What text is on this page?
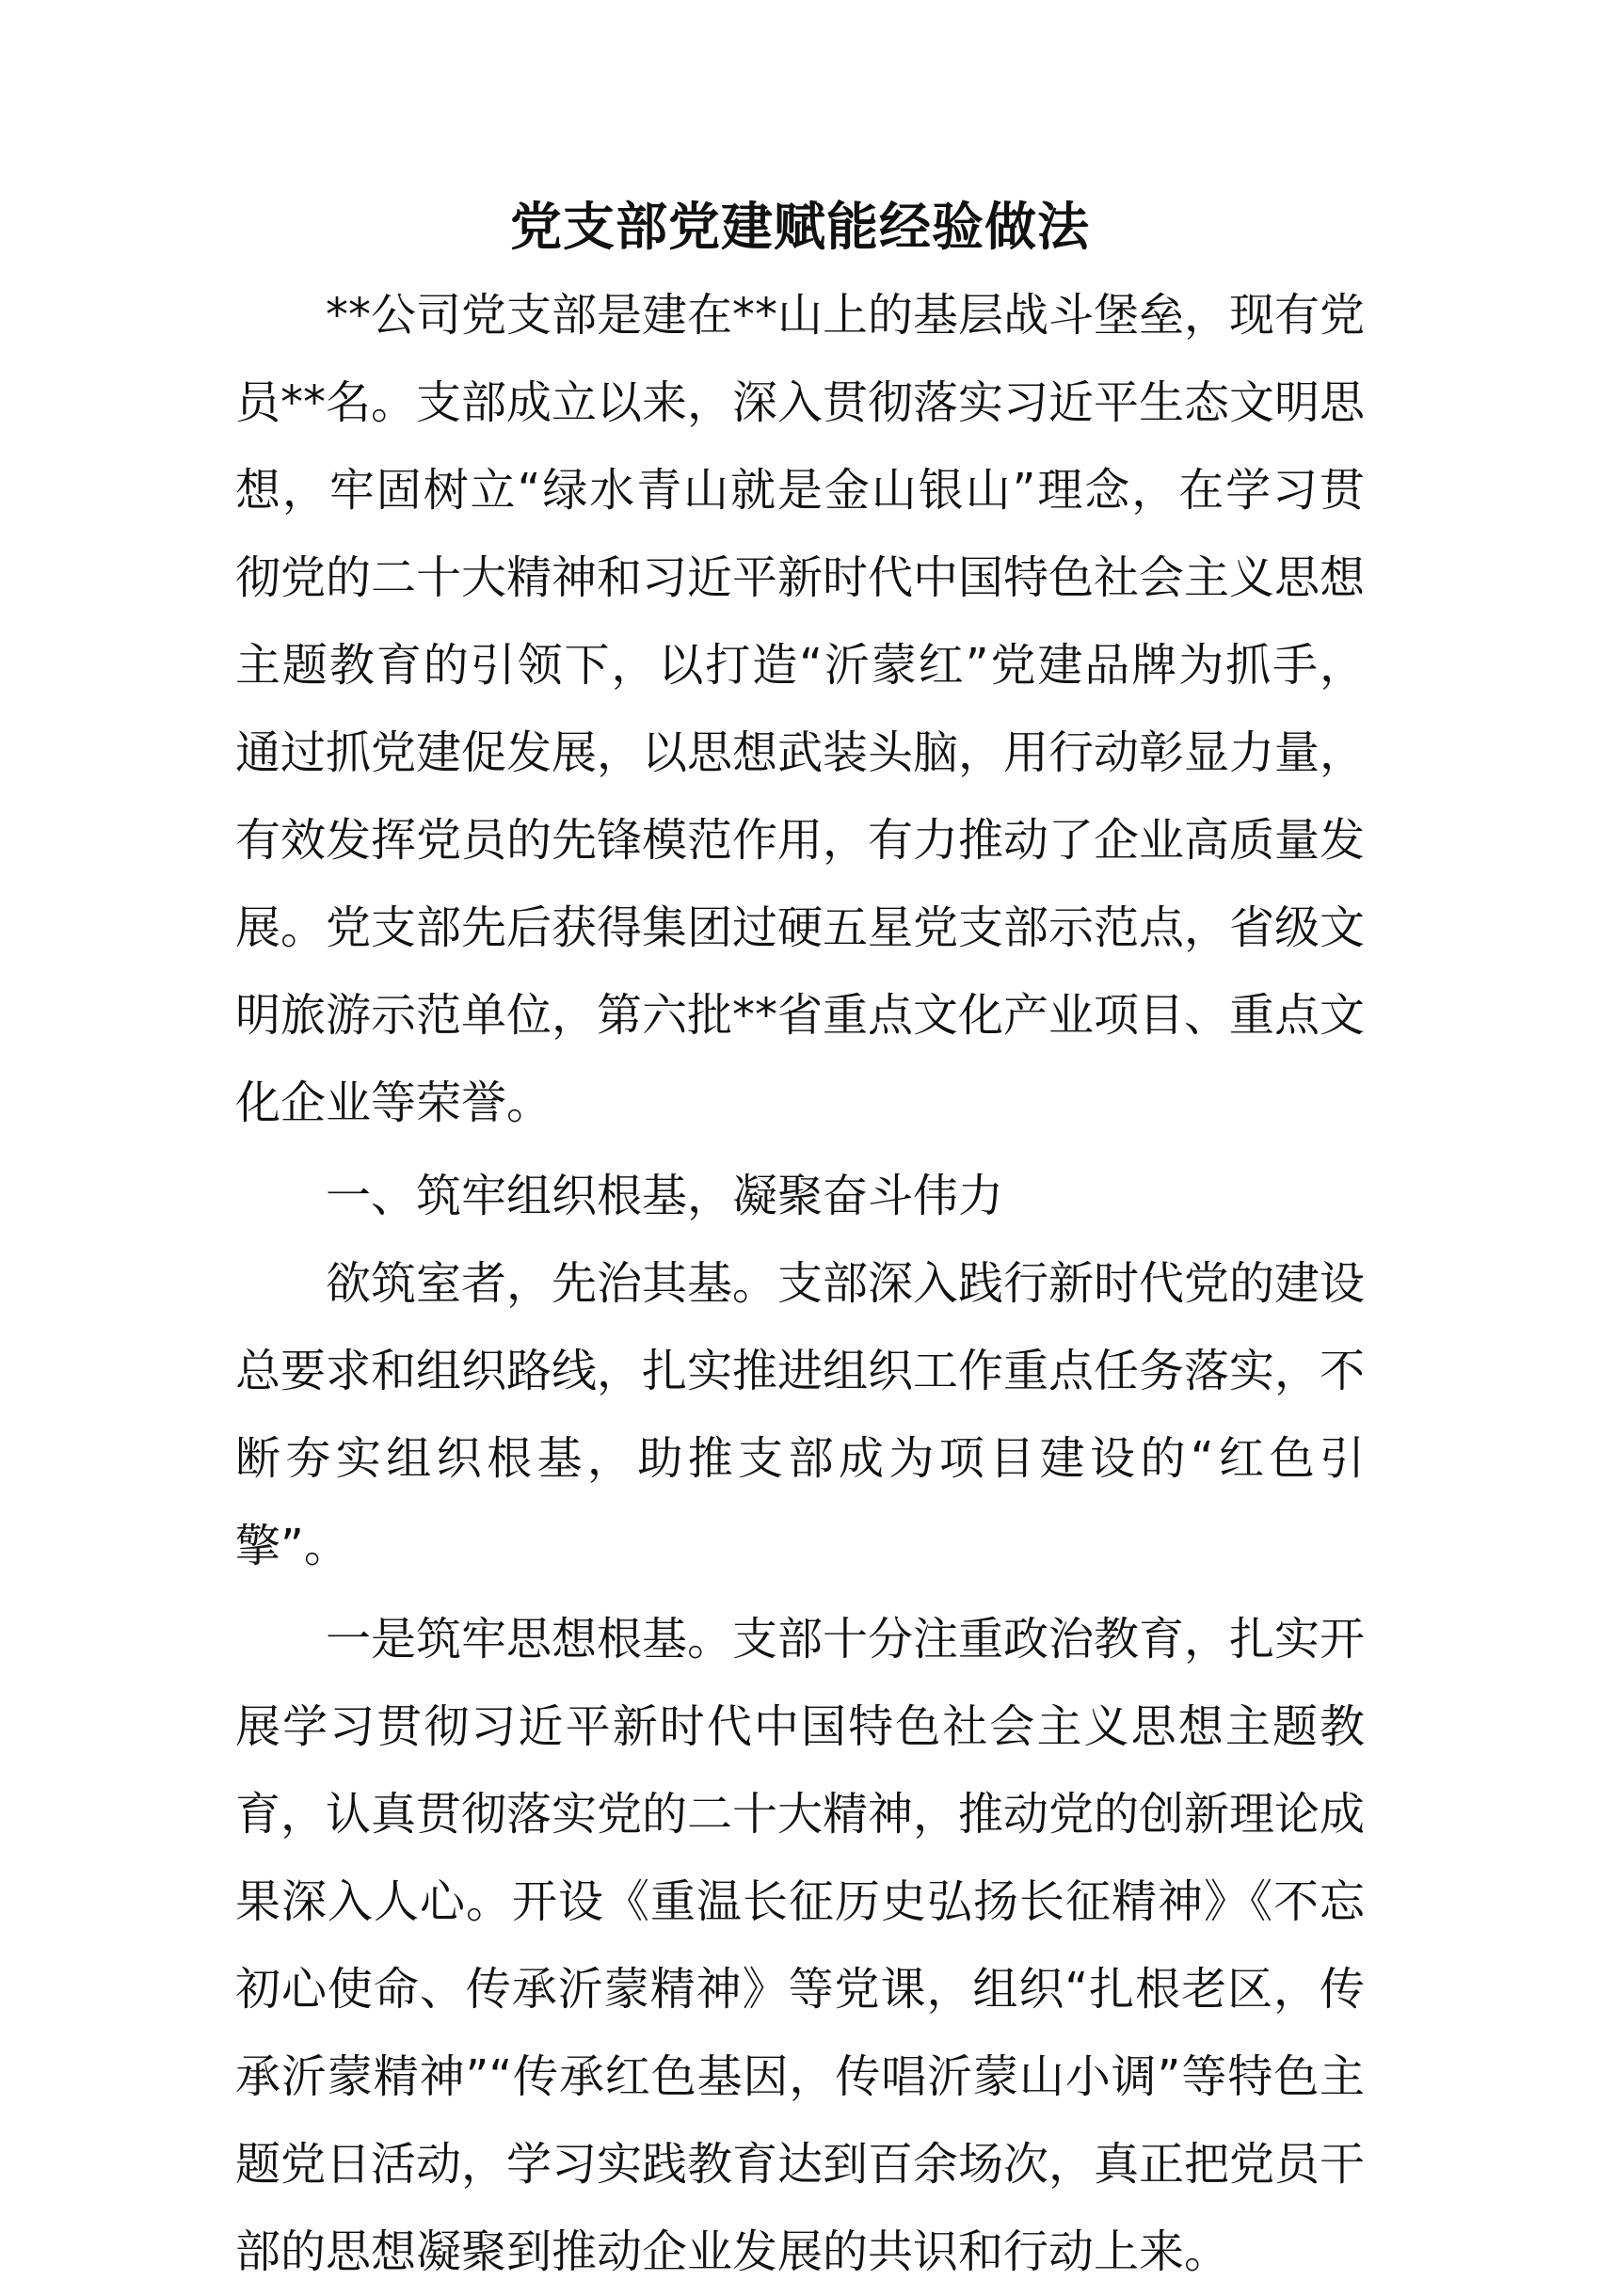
党支部党建赋能经验做法

**公司党支部是建在**山上的基层战斗堡垒，现有党员**名。支部成立以来，深入贯彻落实习近平生态文明思想，牢固树立“绿水青山就是金山银山”理念，在学习贯彻党的二十大精神和习近平新时代中国特色社会主义思想主题教育的引领下，以打造“沂蒙红”党建品牌为抓手，通过抓党建促发展，以思想武装头脑，用行动彰显力量，有效发挥党员的先锋模范作用，有力推动了企业高质量发展。党支部先后获得集团过硬五星党支部示范点，省级文明旅游示范单位，第六批**省重点文化产业项目、重点文化企业等荣誉。

一、筑牢组织根基，凝聚奋斗伟力

欲筑室者，先治其基。支部深入践行新时代党的建设总要求和组织路线，扎实推进组织工作重点任务落实，不断夯实组织根基，助推支部成为项目建设的“红色引擎”。

一是筑牢思想根基。支部十分注重政治教育，扎实开展学习贯彻习近平新时代中国特色社会主义思想主题教育，认真贯彻落实党的二十大精神，推动党的创新理论成果深入人心。开设《重温长征历史弘扬长征精神》《不忘初心使命、传承沂蒙精神》等党课，组织“扎根老区，传承沂蒙精神”“传承红色基因，传唱沂蒙山小调”等特色主题党日活动，学习实践教育达到百余场次，真正把党员干部的思想凝聚到推动企业发展的共识和行动上来。
